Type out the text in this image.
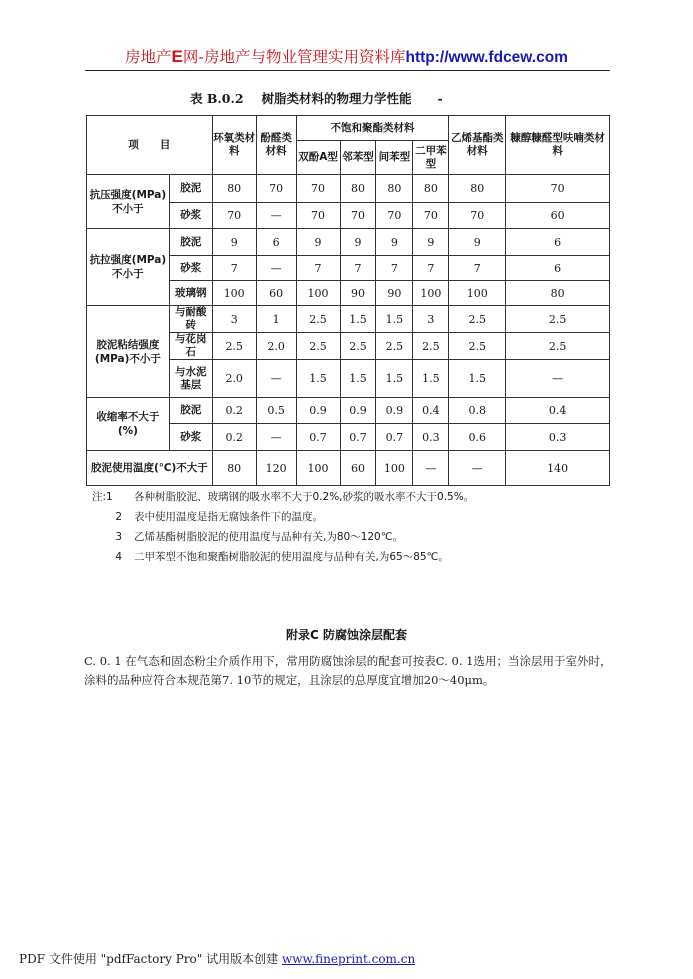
房地产E网-房地产与物业管理实用资料库http://www.fdcew.com
表 B.0.2 树脂类材料的物理力学性能 -
项　　目		环氧类材料	酚醛类材料	不饱和聚酯类材料				乙烯基酯类材料	糠醇糠醛型呋喃类材料
				双酚A型	邻苯型	间苯型	二甲苯型		
抗压强度(MPa)不小于	胶泥	80	70	70	80	80	80	80	70
	砂浆	70	—	70	70	70	70	70	60
抗拉强度(MPa)不小于	胶泥	9	6	9	9	9	9	9	6
	砂浆	7	—	7	7	7	7	7	6
	玻璃钢	100	60	100	90	90	100	100	80
胶泥粘结强度(MPa)不小于	与耐酸砖	3	1	2.5	1.5	1.5	3	2.5	2.5
	与花岗石	2.5	2.0	2.5	2.5	2.5	2.5	2.5	2.5
	与水泥基层	2.0	—	1.5	1.5	1.5	1.5	1.5	—
收缩率不大于(%)	胶泥	0.2	0.5	0.9	0.9	0.9	0.4	0.8	0.4
	砂浆	0.2	—	0.7	0.7	0.7	0.3	0.6	0.3
胶泥使用温度(℃)不大于		80	120	100	60	100	—	—	140
注:1 各种树脂胶泥、玻璃钢的吸水率不大于0.2%,砂浆的吸水率不大于0.5%。
2 表中使用温度是指无腐蚀条件下的温度。
3 乙烯基酯树脂胶泥的使用温度与品种有关,为80～120℃。
4 二甲苯型不饱和聚酯树脂胶泥的使用温度与品种有关,为65～85℃。
附录C 防腐蚀涂层配套
C. 0. 1 在气态和固态粉尘介质作用下，常用防腐蚀涂层的配套可按表C. 0. 1选用；当涂层用于室外时，涂料的品种应符合本规范第7. 10节的规定，且涂层的总厚度宜增加20～40μm。
PDF 文件使用 "pdfFactory Pro" 试用版本创建 www.fineprint.com.cn
